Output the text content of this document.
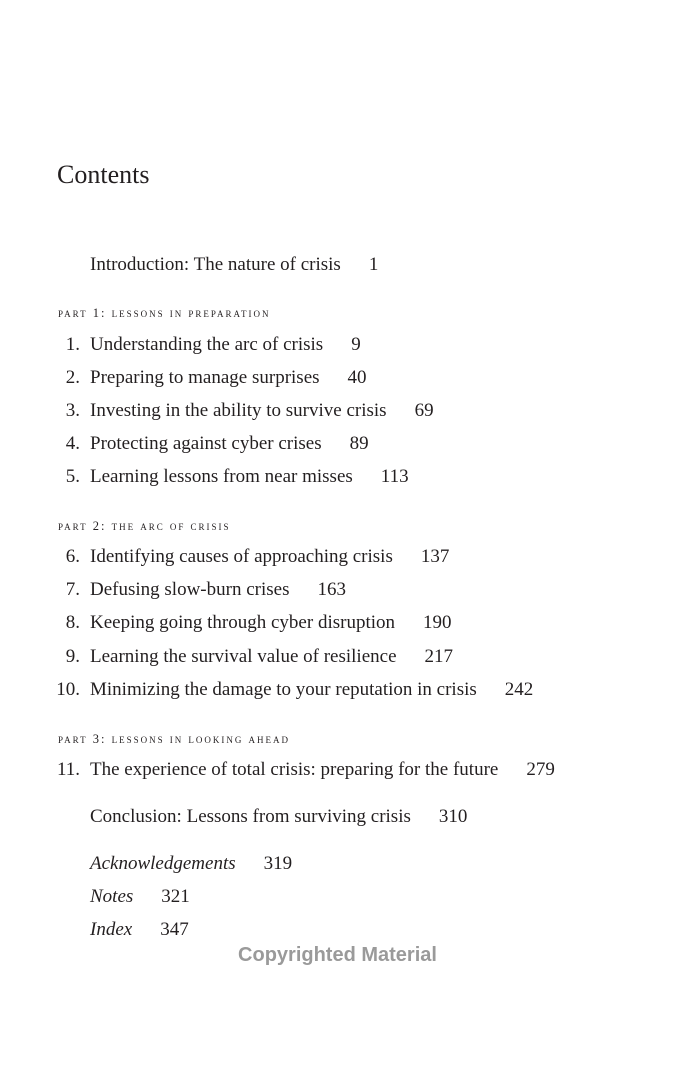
Contents
Introduction: The nature of crisis 1
part 1: lessons in preparation
1. Understanding the arc of crisis 9
2. Preparing to manage surprises 40
3. Investing in the ability to survive crisis 69
4. Protecting against cyber crises 89
5. Learning lessons from near misses 113
part 2: the arc of crisis
6. Identifying causes of approaching crisis 137
7. Defusing slow-burn crises 163
8. Keeping going through cyber disruption 190
9. Learning the survival value of resilience 217
10. Minimizing the damage to your reputation in crisis 242
part 3: lessons in looking ahead
11. The experience of total crisis: preparing for the future 279
Conclusion: Lessons from surviving crisis 310
Acknowledgements 319
Notes 321
Index 347
Copyrighted Material
